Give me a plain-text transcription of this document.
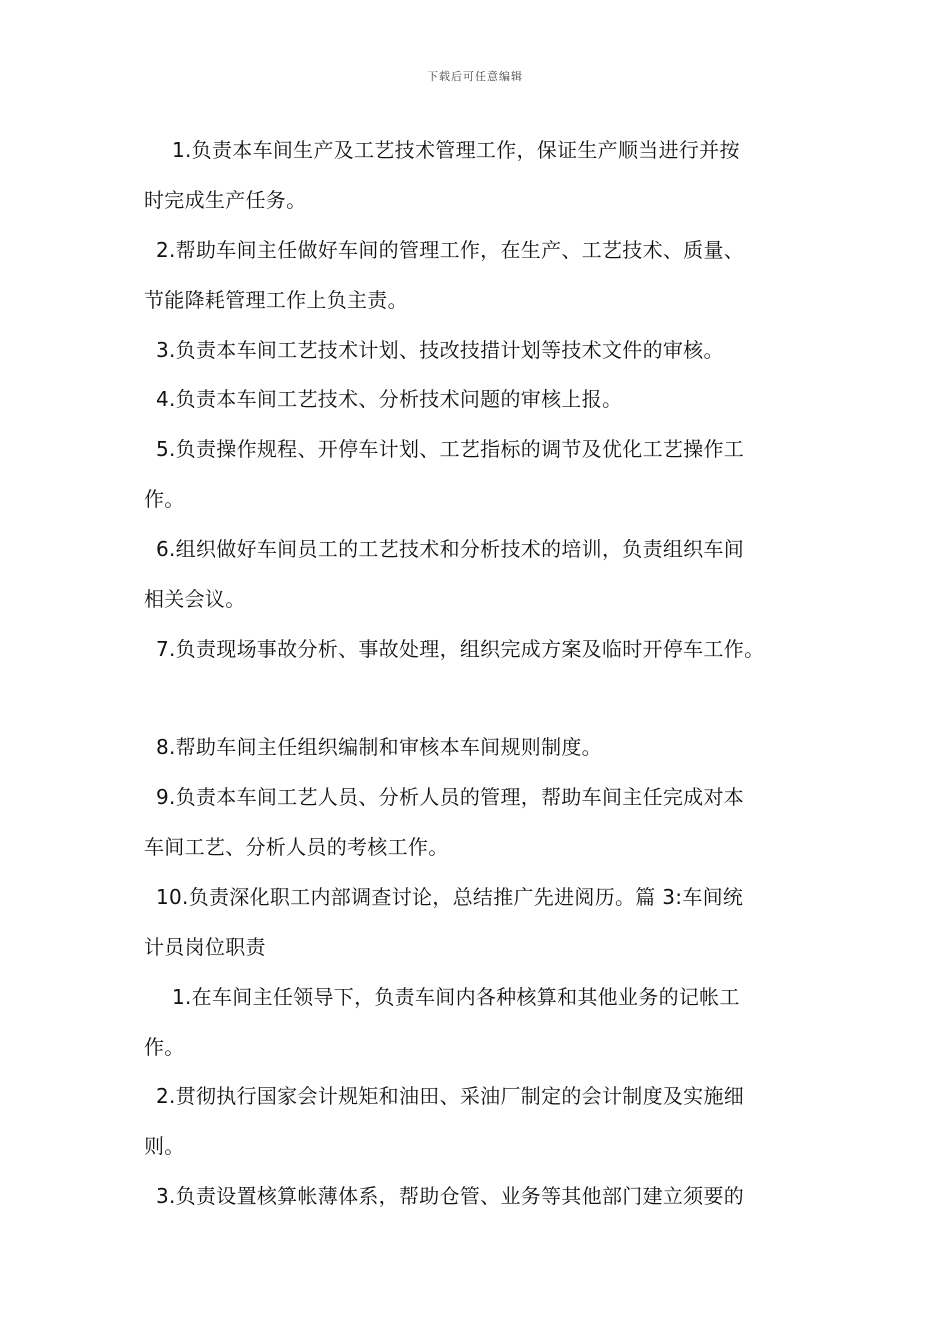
下载后可任意编辑
1.负责本车间生产及工艺技术管理工作，保证生产顺当进行并按
时完成生产任务。
2.帮助车间主任做好车间的管理工作，在生产、工艺技术、质量、
节能降耗管理工作上负主责。
3.负责本车间工艺技术计划、技改技措计划等技术文件的审核。
4.负责本车间工艺技术、分析技术问题的审核上报。
5.负责操作规程、开停车计划、工艺指标的调节及优化工艺操作工
作。
6.组织做好车间员工的工艺技术和分析技术的培训，负责组织车间
相关会议。
7.负责现场事故分析、事故处理，组织完成方案及临时开停车工作。
8.帮助车间主任组织编制和审核本车间规则制度。
9.负责本车间工艺人员、分析人员的管理，帮助车间主任完成对本
车间工艺、分析人员的考核工作。
10.负责深化职工内部调查讨论，总结推广先进阅历。篇 3:车间统
计员岗位职责
1.在车间主任领导下，负责车间内各种核算和其他业务的记帐工
作。
2.贯彻执行国家会计规矩和油田、采油厂制定的会计制度及实施细
则。
3.负责设置核算帐薄体系，帮助仓管、业务等其他部门建立须要的
